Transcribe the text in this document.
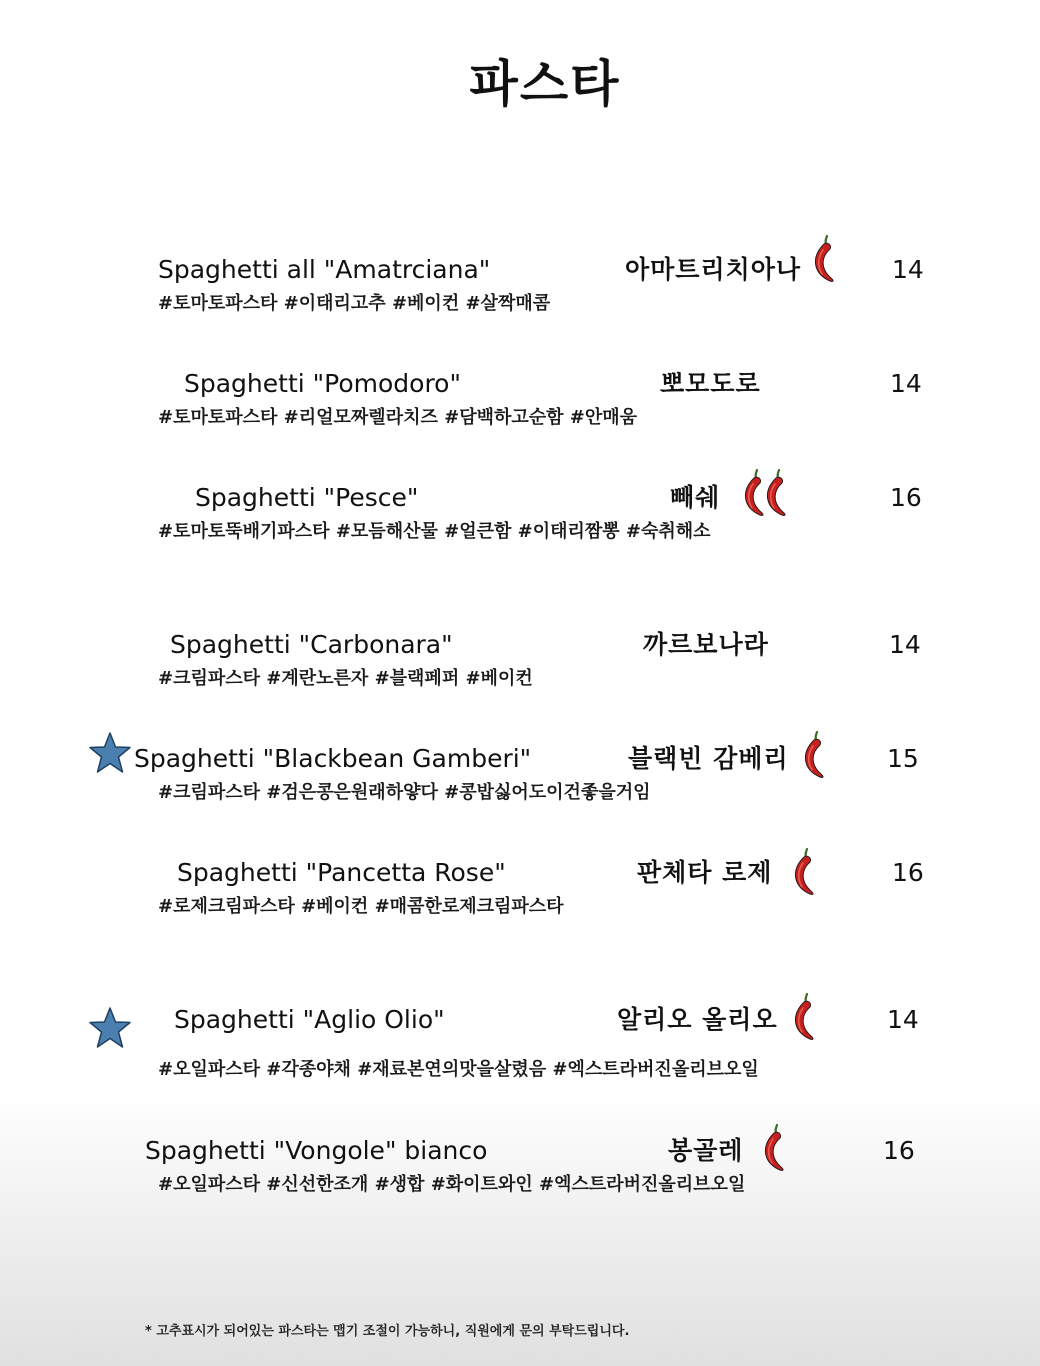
파스타
Spaghetti all "Amatrciana"	아마트리치아나	14
#토마토파스타 #이태리고추 #베이컨 #살짝매콤
Spaghetti "Pomodoro"	뽀모도로	14
#토마토파스타 #리얼모짜렐라치즈 #담백하고순함 #안매움
Spaghetti "Pesce"	빼쉐	16
#토마토뚝배기파스타 #모듬해산물 #얼큰함 #이태리짬뽕 #숙취해소
Spaghetti "Carbonara"	까르보나라	14
#크림파스타 #계란노른자 #블랙페퍼 #베이컨
Spaghetti "Blackbean Gamberi"	블랙빈 감베리	15
#크림파스타 #검은콩은원래하얗다 #콩밥싫어도이건좋을거임
Spaghetti "Pancetta Rose"	판체타 로제	16
#로제크림파스타 #베이컨 #매콤한로제크림파스타
Spaghetti "Aglio Olio"	알리오 올리오	14
#오일파스타 #각종야채 #재료본연의맛을살렸음 #엑스트라버진올리브오일
Spaghetti "Vongole" bianco	봉골레	16
#오일파스타 #신선한조개 #생합 #화이트와인 #엑스트라버진올리브오일
* 고추표시가 되어있는 파스타는 맵기 조절이 가능하니, 직원에게 문의 부탁드립니다.
